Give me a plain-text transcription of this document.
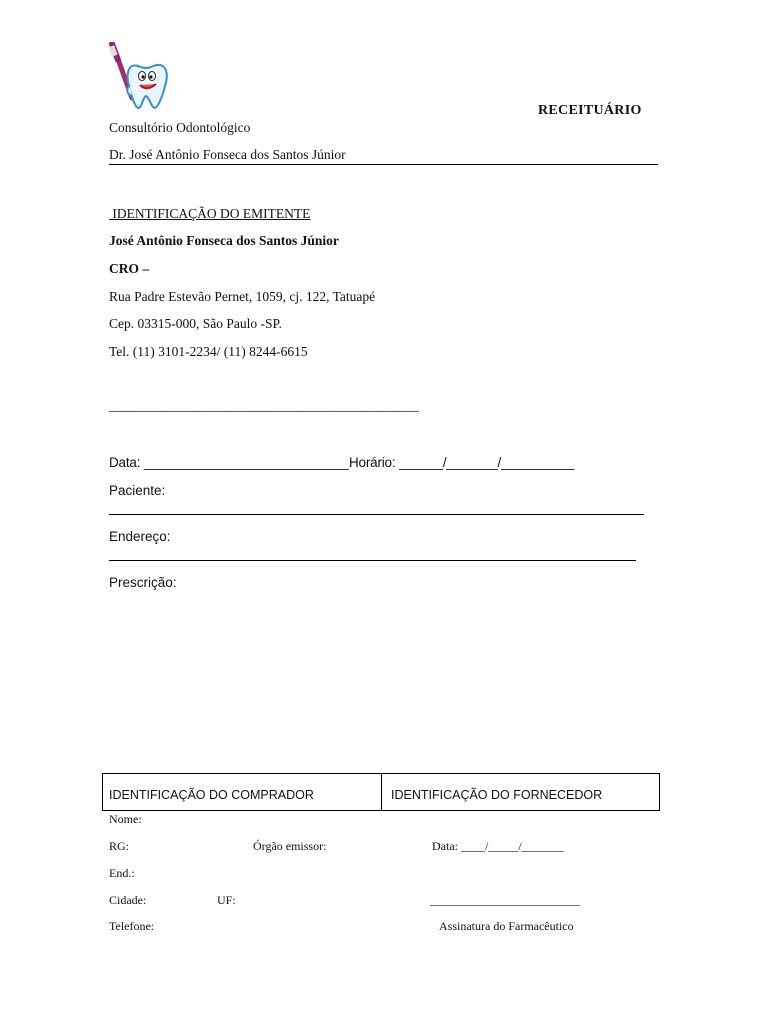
RECEITUÁRIO
Consultório Odontológico
Dr. José Antônio Fonseca dos Santos Júnior
IDENTIFICAÇÃO DO EMITENTE
José Antônio Fonseca dos Santos Júnior
CRO –
Rua Padre Estevão Pernet, 1059, cj. 122, Tatuapé
Cep. 03315-000, São Paulo -SP.
Tel. (11) 3101-2234/ (11) 8244-6615
________________________________________________
Data: ____________________________ Horário: ______/_______/__________
Paciente:
Endereço:
Prescrição:
IDENTIFICAÇÃO DO COMPRADOR	IDENTIFICAÇÃO DO FORNECEDOR
Nome:
RG:	Órgão emissor:	Data: ____/_____/_______
End.:
Cidade:	UF:	_________________________
Telefone:	Assinatura do Farmacêutico
